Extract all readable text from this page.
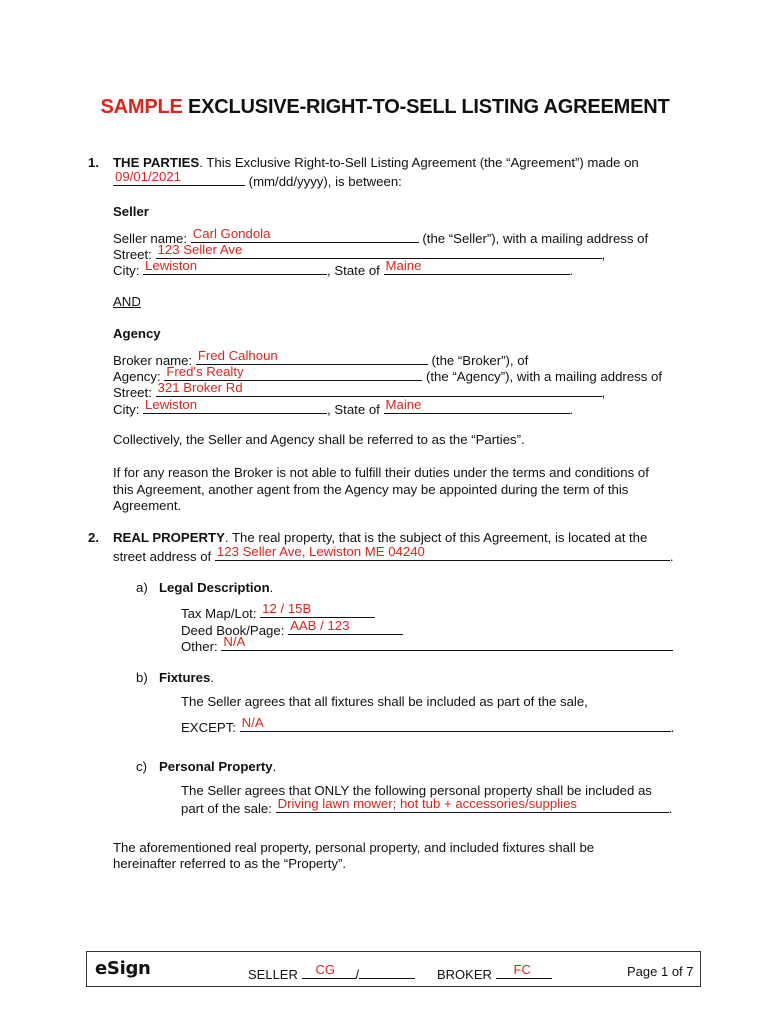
SAMPLE EXCLUSIVE-RIGHT-TO-SELL LISTING AGREEMENT
1. THE PARTIES. This Exclusive Right-to-Sell Listing Agreement (the “Agreement”) made on
09/01/2021	(mm/dd/yyyy), is between:
Seller
Seller name: Carl Gondola	(the “Seller”), with a mailing address of
Street: 123 Seller Ave	,
City: Lewiston	, State of Maine	.
AND
Agency
Broker name: Fred Calhoun	(the “Broker”), of
Agency: Fred's Realty	(the “Agency”), with a mailing address of
Street: 321 Broker Rd	,
City: Lewiston	, State of Maine	.
Collectively, the Seller and Agency shall be referred to as the “Parties”.
If for any reason the Broker is not able to fulfill their duties under the terms and conditions of
this Agreement, another agent from the Agency may be appointed during the term of this
Agreement.
2. REAL PROPERTY. The real property, that is the subject of this Agreement, is located at the
street address of 123 Seller Ave, Lewiston ME 04240	.
a) Legal Description.
Tax Map/Lot: 12 / 15B
Deed Book/Page: AAB / 123
Other: N/A
b) Fixtures.
The Seller agrees that all fixtures shall be included as part of the sale,
EXCEPT: N/A	.
c) Personal Property.
The Seller agrees that ONLY the following personal property shall be included as
part of the sale: Driving lawn mower; hot tub + accessories/supplies	.
The aforementioned real property, personal property, and included fixtures shall be
hereinafter referred to as the “Property”.
eSign	SELLER CG /	BROKER FC	Page 1 of 7
